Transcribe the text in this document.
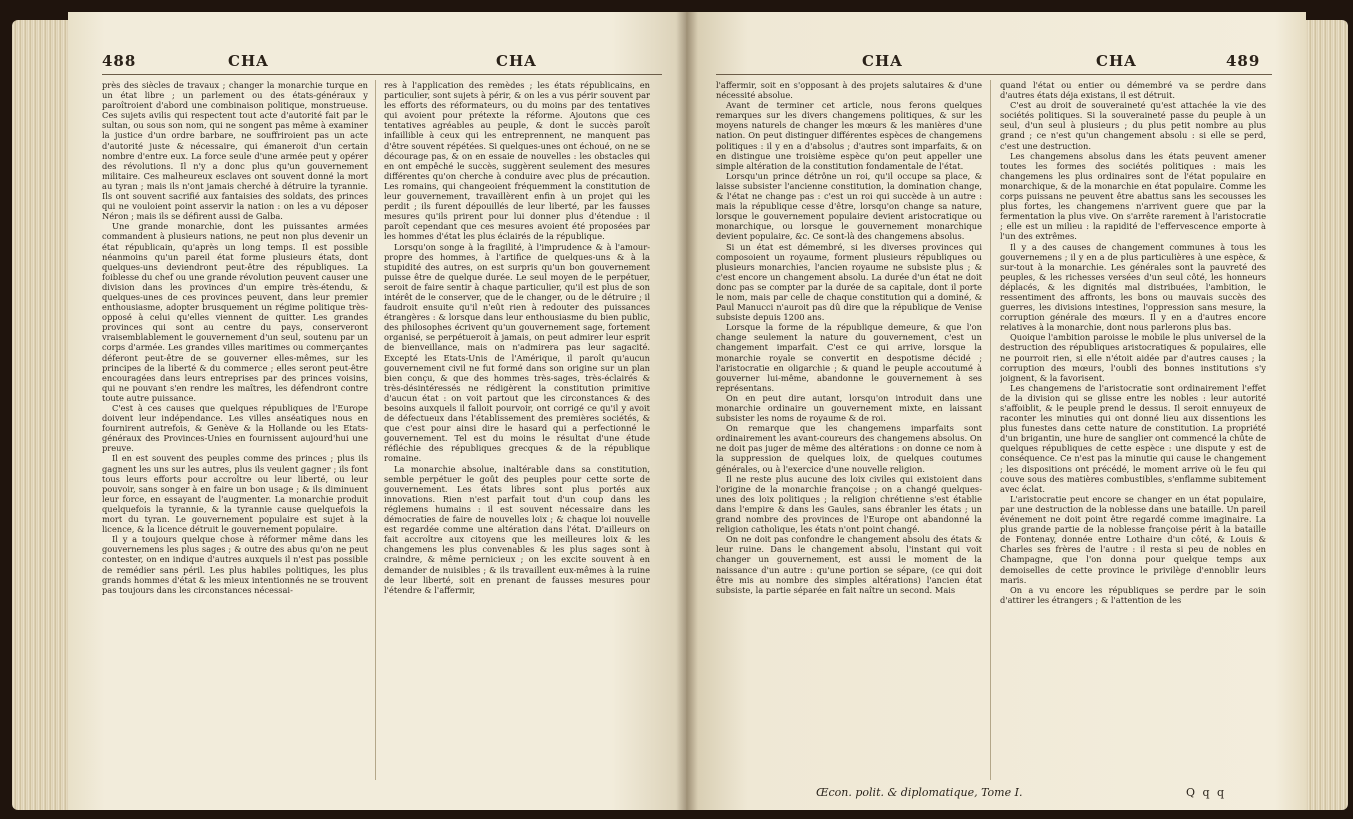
488	CHA	CHA

près des siècles de travaux ; changer la monarchie turque en un état libre ; un parlement ou des états-généraux y paroîtroient d'abord une combinaison politique, monstrueuse. Ces sujets avilis qui respectent tout acte d'autorité fait par le sultan, ou sous son nom, qui ne songent pas même à examiner la justice d'un ordre barbare, ne souffriroient pas un acte d'autorité juste & nécessaire, qui émaneroit d'un certain nombre d'entre eux. La force seule d'une armée peut y opérer des révolutions. Il n'y a donc plus qu'un gouvernement militaire. Ces malheureux esclaves ont souvent donné la mort au tyran ; mais ils n'ont jamais cherché à détruire la tyrannie. Ils ont souvent sacrifié aux fantaisies des soldats, des princes qui ne vouloient point asservir la nation : on les a vu déposer Néron ; mais ils se défirent aussi de Galba.

Une grande monarchie, dont les puissantes armées commandent à plusieurs nations, ne peut non plus devenir un état républicain, qu'après un long temps. Il est possible néanmoins qu'un pareil état forme plusieurs états, dont quelques-uns deviendront peut-être des républiques. La foiblesse du chef ou une grande révolution peuvent causer une division dans les provinces d'un empire très-étendu, & quelques-unes de ces provinces peuvent, dans leur premier enthousiasme, adopter brusquement un régime politique très-opposé à celui qu'elles viennent de quitter. Les grandes provinces qui sont au centre du pays, conserveront vraisemblablement le gouvernement d'un seul, soutenu par un corps d'armée. Les grandes villes maritimes ou commerçantes déferont peut-être de se gouverner elles-mêmes, sur les principes de la liberté & du commerce ; elles seront peut-être encouragées dans leurs entreprises par des princes voisins, qui ne pouvant s'en rendre les maîtres, les défendront contre toute autre puissance.

C'est à ces causes que quelques républiques de l'Europe doivent leur indépendance. Les villes anséatiques nous en fournirent autrefois, & Genève & la Hollande ou les Etats-généraux des Provinces-Unies en fournissent aujourd'hui une preuve.

Il en est souvent des peuples comme des princes ; plus ils gagnent les uns sur les autres, plus ils veulent gagner ; ils font tous leurs efforts pour accroître ou leur liberté, ou leur pouvoir, sans songer à en faire un bon usage ; & ils diminuent leur force, en essayant de l'augmenter. La monarchie produit quelquefois la tyrannie, & la tyrannie cause quelquefois la mort du tyran. Le gouvernement populaire est sujet à la licence, & la licence détruit le gouvernement populaire.

Il y a toujours quelque chose à réformer même dans les gouvernemens les plus sages ; & outre des abus qu'on ne peut contester, on en indique d'autres auxquels il n'est pas possible de remédier sans péril. Les plus habiles politiques, les plus grands hommes d'état & les mieux intentionnés ne se trouvent pas toujours dans les circonstances nécessai-

res à l'application des remèdes ; les états républicains, en particulier, sont sujets à périr, & on les a vus périr souvent par les efforts des réformateurs, ou du moins par des tentatives qui avoient pour prétexte la réforme. Ajoutons que ces tentatives agréables au peuple, & dont le succès paroît infaillible à ceux qui les entreprennent, ne manquent pas d'être souvent répétées. Si quelques-unes ont échoué, on ne se décourage pas, & on en essaie de nouvelles : les obstacles qui en ont empêché le succès, suggèrent seulement des mesures différentes qu'on cherche à conduire avec plus de précaution. Les romains, qui changeoient fréquemment la constitution de leur gouvernement, travaillèrent enfin à un projet qui les perdit ; ils furent dépouillés de leur liberté, par les fausses mesures qu'ils prirent pour lui donner plus d'étendue : il paroît cependant que ces mesures avoient été proposées par les hommes d'état les plus éclairés de la république.

Lorsqu'on songe à la fragilité, à l'imprudence & à l'amour-propre des hommes, à l'artifice de quelques-uns & à la stupidité des autres, on est surpris qu'un bon gouvernement puisse être de quelque durée. Le seul moyen de le perpétuer, seroit de faire sentir à chaque particulier, qu'il est plus de son intérêt de le conserver, que de le changer, ou de le détruire ; il faudroit ensuite qu'il n'eût rien à redouter des puissances étrangères : & lorsque dans leur enthousiasme du bien public, des philosophes écrivent qu'un gouvernement sage, fortement organisé, se perpétueroit à jamais, on peut admirer leur esprit de bienveillance, mais on n'admirera pas leur sagacité. Excepté les Etats-Unis de l'Amérique, il paroît qu'aucun gouvernement civil ne fut formé dans son origine sur un plan bien conçu, & que des hommes très-sages, très-éclairés & très-désintéressés ne rédigèrent la constitution primitive d'aucun état : on voit partout que les circonstances & des besoins auxquels il falloit pourvoir, ont corrigé ce qu'il y avoit de défectueux dans l'établissement des premières sociétés, & que c'est pour ainsi dire le hasard qui a perfectionné le gouvernement. Tel est du moins le résultat d'une étude réfléchie des républiques grecques & de la république romaine.

La monarchie absolue, inaltérable dans sa constitution, semble perpétuer le goût des peuples pour cette sorte de gouvernement. Les états libres sont plus portés aux innovations. Rien n'est parfait tout d'un coup dans les réglemens humains : il est souvent nécessaire dans les démocraties de faire de nouvelles loix ; & chaque loi nouvelle est regardée comme une altération dans l'état. D'ailleurs on fait accroître aux citoyens que les meilleures loix & les changemens les plus convenables & les plus sages sont à craindre, & même pernicieux ; on les excite souvent à en demander de nuisibles ; & ils travaillent eux-mêmes à la ruine de leur liberté, soit en prenant de fausses mesures pour l'étendre & l'affermir,

CHA	CHA	489

l'affermir, soit en s'opposant à des projets salutaires & d'une nécessité absolue.

Avant de terminer cet article, nous ferons quelques remarques sur les divers changemens politiques, & sur les moyens naturels de changer les mœurs & les manières d'une nation. On peut distinguer différentes espèces de changemens politiques : il y en a d'absolus ; d'autres sont imparfaits, & on en distingue une troisième espèce qu'on peut appeller une simple altération de la constitution fondamentale de l'état.

Lorsqu'un prince détrône un roi, qu'il occupe sa place, & laisse subsister l'ancienne constitution, la domination change, & l'état ne change pas : c'est un roi qui succède à un autre : mais la république cesse d'être, lorsqu'on change sa nature, lorsque le gouvernement populaire devient aristocratique ou monarchique, ou lorsque le gouvernement monarchique devient populaire, &c. Ce sont-là des changemens absolus.

Si un état est démembré, si les diverses provinces qui composoient un royaume, forment plusieurs républiques ou plusieurs monarchies, l'ancien royaume ne subsiste plus ; & c'est encore un changement absolu. La durée d'un état ne doit donc pas se compter par la durée de sa capitale, dont il porte le nom, mais par celle de chaque constitution qui a dominé, & Paul Manucci n'auroit pas dû dire que la république de Venise subsiste depuis 1200 ans.

Lorsque la forme de la république demeure, & que l'on change seulement la nature du gouvernement, c'est un changement imparfait. C'est ce qui arrive, lorsque la monarchie royale se convertit en despotisme décidé ; l'aristocratie en oligarchie ; & quand le peuple accoutumé à gouverner lui-même, abandonne le gouvernement à ses représentans.

On en peut dire autant, lorsqu'on introduit dans une monarchie ordinaire un gouvernement mixte, en laissant subsister les noms de royaume & de roi.

On remarque que les changemens imparfaits sont ordinairement les avant-coureurs des changemens absolus. On ne doit pas juger de même des altérations : on donne ce nom à la suppression de quelques loix, de quelques coutumes générales, ou à l'exercice d'une nouvelle religion.

Il ne reste plus aucune des loix civiles qui existoient dans l'origine de la monarchie françoise ; on a changé quelques-unes des loix politiques ; la religion chrétienne s'est établie dans l'empire & dans les Gaules, sans ébranler les états ; un grand nombre des provinces de l'Europe ont abandonné la religion catholique, les états n'ont point changé.

On ne doit pas confondre le changement absolu des états & leur ruine. Dans le changement absolu, l'instant qui voit changer un gouvernement, est aussi le moment de la naissance d'un autre : qu'une portion se sépare, (ce qui doit être mis au nombre des simples altérations) l'ancien état subsiste, la partie séparée en fait naître un second. Mais

quand l'état ou entier ou démembré va se perdre dans d'autres états déja existans, il est détruit.

C'est au droit de souveraineté qu'est attachée la vie des sociétés politiques. Si la souveraineté passe du peuple à un seul, d'un seul à plusieurs ; du plus petit nombre au plus grand ; ce n'est qu'un changement absolu : si elle se perd, c'est une destruction.

Les changemens absolus dans les états peuvent amener toutes les formes des sociétés politiques : mais les changemens les plus ordinaires sont de l'état populaire en monarchique, & de la monarchie en état populaire. Comme les corps puissans ne peuvent être abattus sans les secousses les plus fortes, les changemens n'arrivent guere que par la fermentation la plus vive. On s'arrête rarement à l'aristocratie ; elle est un milieu : la rapidité de l'effervescence emporte à l'un des extrêmes.

Il y a des causes de changement communes à tous les gouvernemens ; il y en a de plus particulières à une espèce, & sur-tout à la monarchie. Les générales sont la pauvreté des peuples, & les richesses versées d'un seul côté, les honneurs déplacés, & les dignités mal distribuées, l'ambition, le ressentiment des affronts, les bons ou mauvais succès des guerres, les divisions intestines, l'oppression sans mesure, la corruption générale des mœurs. Il y en a d'autres encore relatives à la monarchie, dont nous parlerons plus bas.

Quoique l'ambition paroisse le mobile le plus universel de la destruction des républiques aristocratiques & populaires, elle ne pourroit rien, si elle n'étoit aidée par d'autres causes ; la corruption des mœurs, l'oubli des bonnes institutions s'y joignent, & la favorisent.

Les changemens de l'aristocratie sont ordinairement l'effet de la division qui se glisse entre les nobles : leur autorité s'affoiblit, & le peuple prend le dessus. Il seroit ennuyeux de raconter les minuties qui ont donné lieu aux dissentions les plus funestes dans cette nature de constitution. La propriété d'un brigantin, une hure de sanglier ont commencé la chûte de quelques républiques de cette espèce : une dispute y est de conséquence. Ce n'est pas la minutie qui cause le changement ; les dispositions ont précédé, le moment arrive où le feu qui couve sous des matières combustibles, s'enflamme subitement avec éclat.

L'aristocratie peut encore se changer en un état populaire, par une destruction de la noblesse dans une bataille. Un pareil événement ne doit point être regardé comme imaginaire. La plus grande partie de la noblesse françoise périt à la bataille de Fontenay, donnée entre Lothaire d'un côté, & Louis & Charles ses frères de l'autre : il resta si peu de nobles en Champagne, que l'on donna pour quelque temps aux demoiselles de cette province le privilège d'ennoblir leurs maris.

On a vu encore les républiques se perdre par le soin d'attirer les étrangers ; & l'attention de les

Œcon. polit. & diplomatique, Tome I.	Q q q
